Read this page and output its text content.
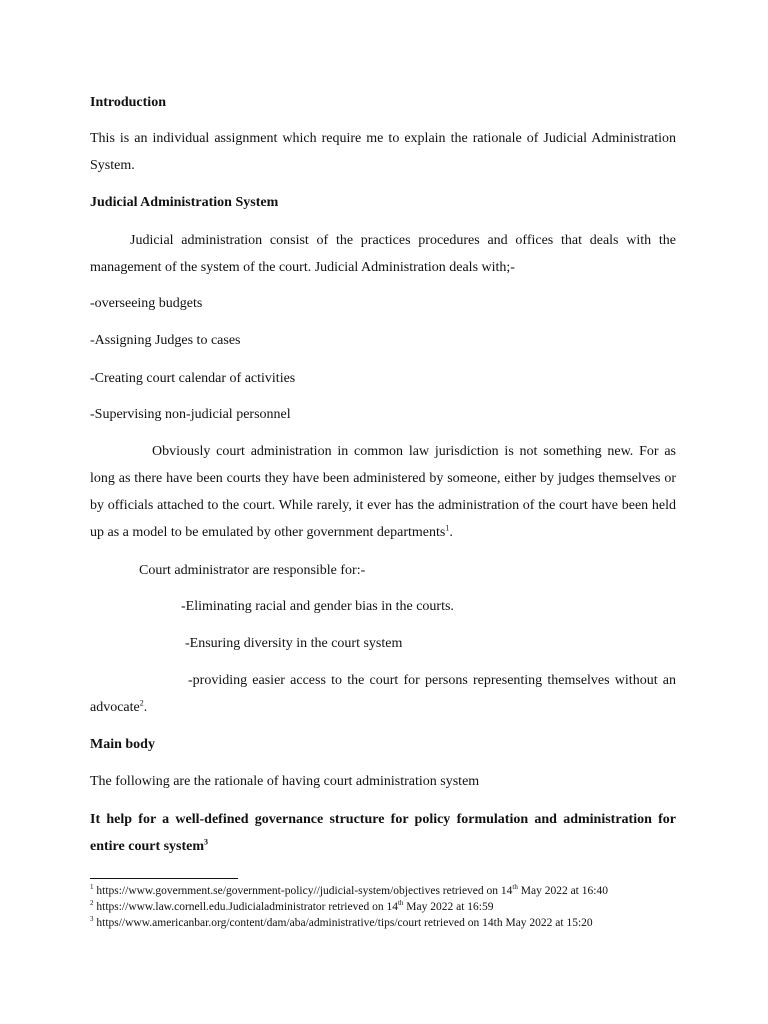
Introduction

This is an individual assignment which require me to explain the rationale of Judicial Administration System.

Judicial Administration System

Judicial administration consist of the practices procedures and offices that deals with the management of the system of the court. Judicial Administration deals with;-

-overseeing budgets

-Assigning Judges to cases

-Creating court calendar of activities

-Supervising non-judicial personnel

Obviously court administration in common law jurisdiction is not something new. For as long as there have been courts they have been administered by someone, either by judges themselves or by officials attached to the court. While rarely, it ever has the administration of the court have been held up as a model to be emulated by other government departments$^1$.

Court administrator are responsible for:-

-Eliminating racial and gender bias in the courts.

-Ensuring diversity in the court system

-providing easier access to the court for persons representing themselves without an advocate$^2$.

Main body

The following are the rationale of having court administration system

It help for a well-defined governance structure for policy formulation and administration for entire court system$^3$

$^1$ https://www.government.se/government-policy//judicial-system/objectives retrieved on 14th May 2022 at 16:40
$^2$ https://www.law.cornell.edu.Judicialadministrator retrieved on 14th May 2022 at 16:59
$^3$ https//www.americanbar.org/content/dam/aba/administrative/tips/court retrieved on 14th May 2022 at 15:20
